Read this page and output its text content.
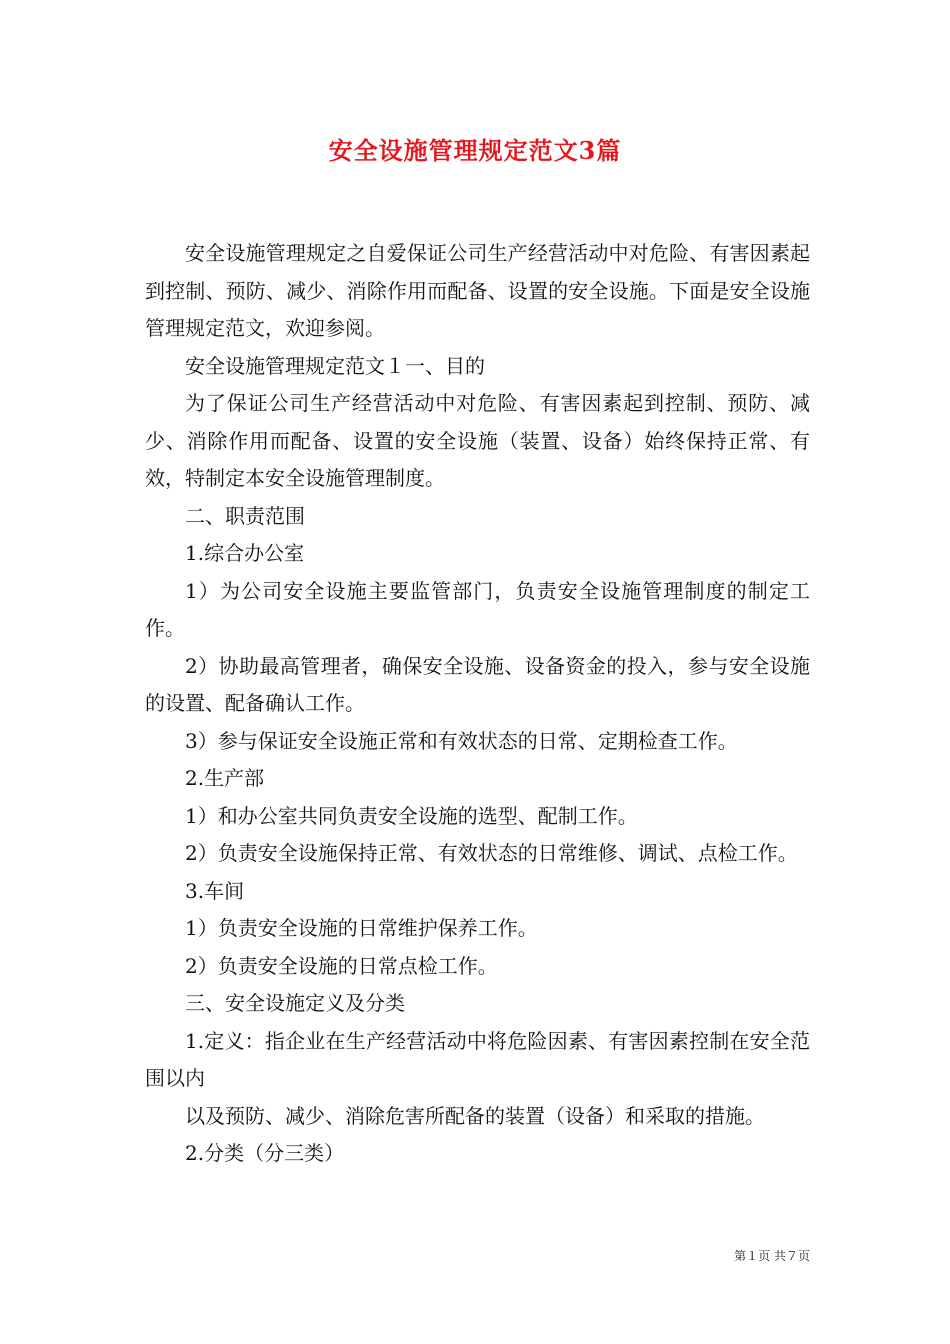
安全设施管理规定范文3篇

安全设施管理规定之自爱保证公司生产经营活动中对危险、有害因素起到控制、预防、减少、消除作用而配备、设置的安全设施。下面是安全设施管理规定范文，欢迎参阅。

安全设施管理规定范文１一、目的

为了保证公司生产经营活动中对危险、有害因素起到控制、预防、减少、消除作用而配备、设置的安全设施（装置、设备）始终保持正常、有效，特制定本安全设施管理制度。

二、职责范围

1.综合办公室

1）为公司安全设施主要监管部门，负责安全设施管理制度的制定工作。

2）协助最高管理者，确保安全设施、设备资金的投入，参与安全设施的设置、配备确认工作。

3）参与保证安全设施正常和有效状态的日常、定期检查工作。

2.生产部

1）和办公室共同负责安全设施的选型、配制工作。

2）负责安全设施保持正常、有效状态的日常维修、调试、点检工作。

3.车间

1）负责安全设施的日常维护保养工作。

2）负责安全设施的日常点检工作。

三、安全设施定义及分类

1.定义：指企业在生产经营活动中将危险因素、有害因素控制在安全范围以内

以及预防、减少、消除危害所配备的装置（设备）和采取的措施。

2.分类（分三类）

第１页 共７页
